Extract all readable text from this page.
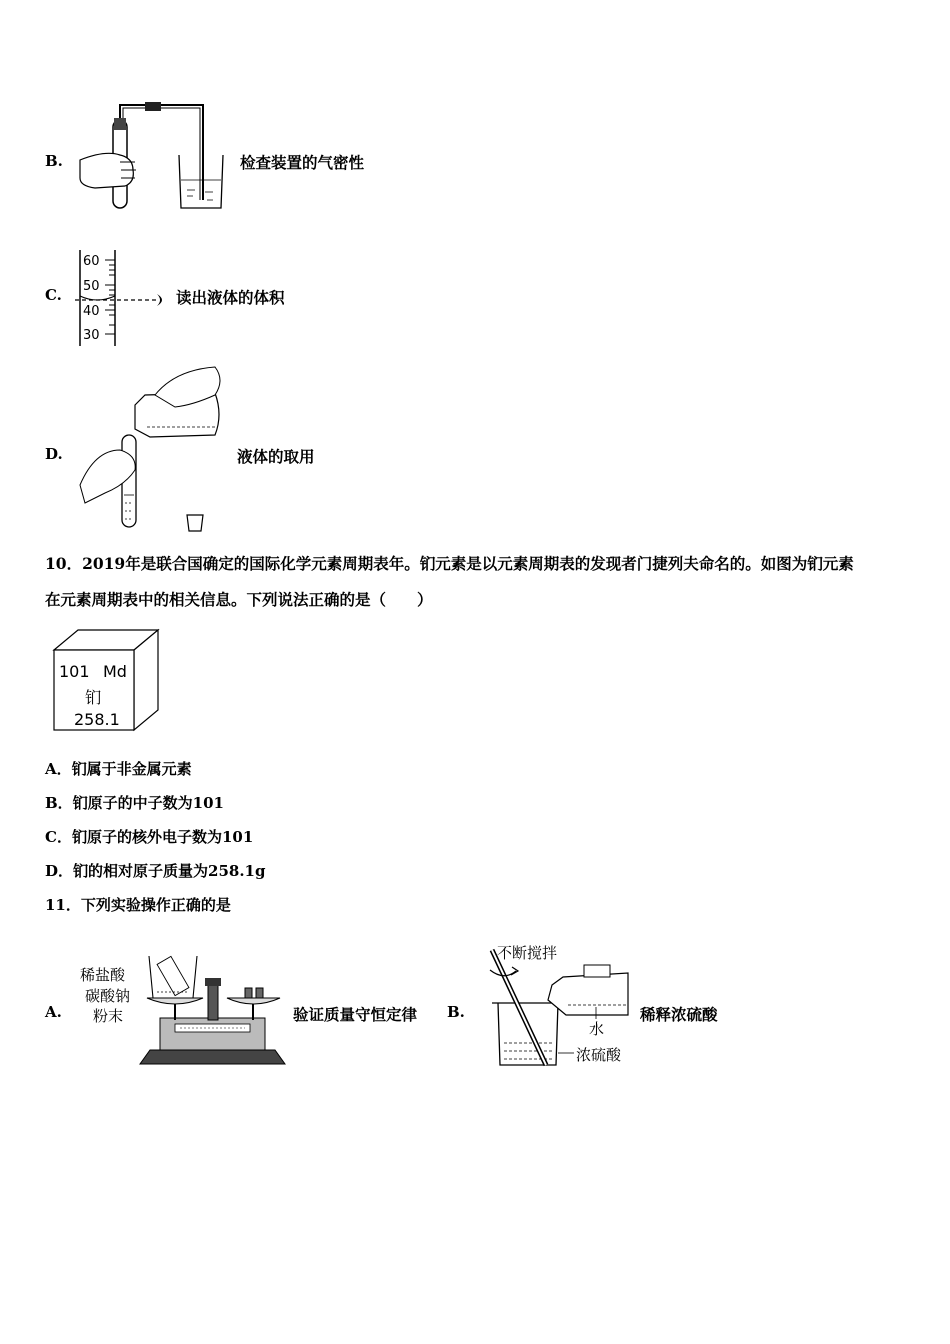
B.	检查装置的气密性
C.
60
50
40
30
读出液体的体积
D.	液体的取用
10．2019年是联合国确定的国际化学元素周期表年。钔元素是以元素周期表的发现者门捷列夫命名的。如图为钔元素
在元素周期表中的相关信息。下列说法正确的是（　　）
101 Md
钔
258.1
A．钔属于非金属元素
B．钔原子的中子数为101
C．钔原子的核外电子数为101
D．钔的相对原子质量为258.1g
11．下列实验操作正确的是
A.
稀盐酸
碳酸钠
粉末	验证质量守恒定律 B.
不断搅拌
水
浓硫酸
稀释浓硫酸
